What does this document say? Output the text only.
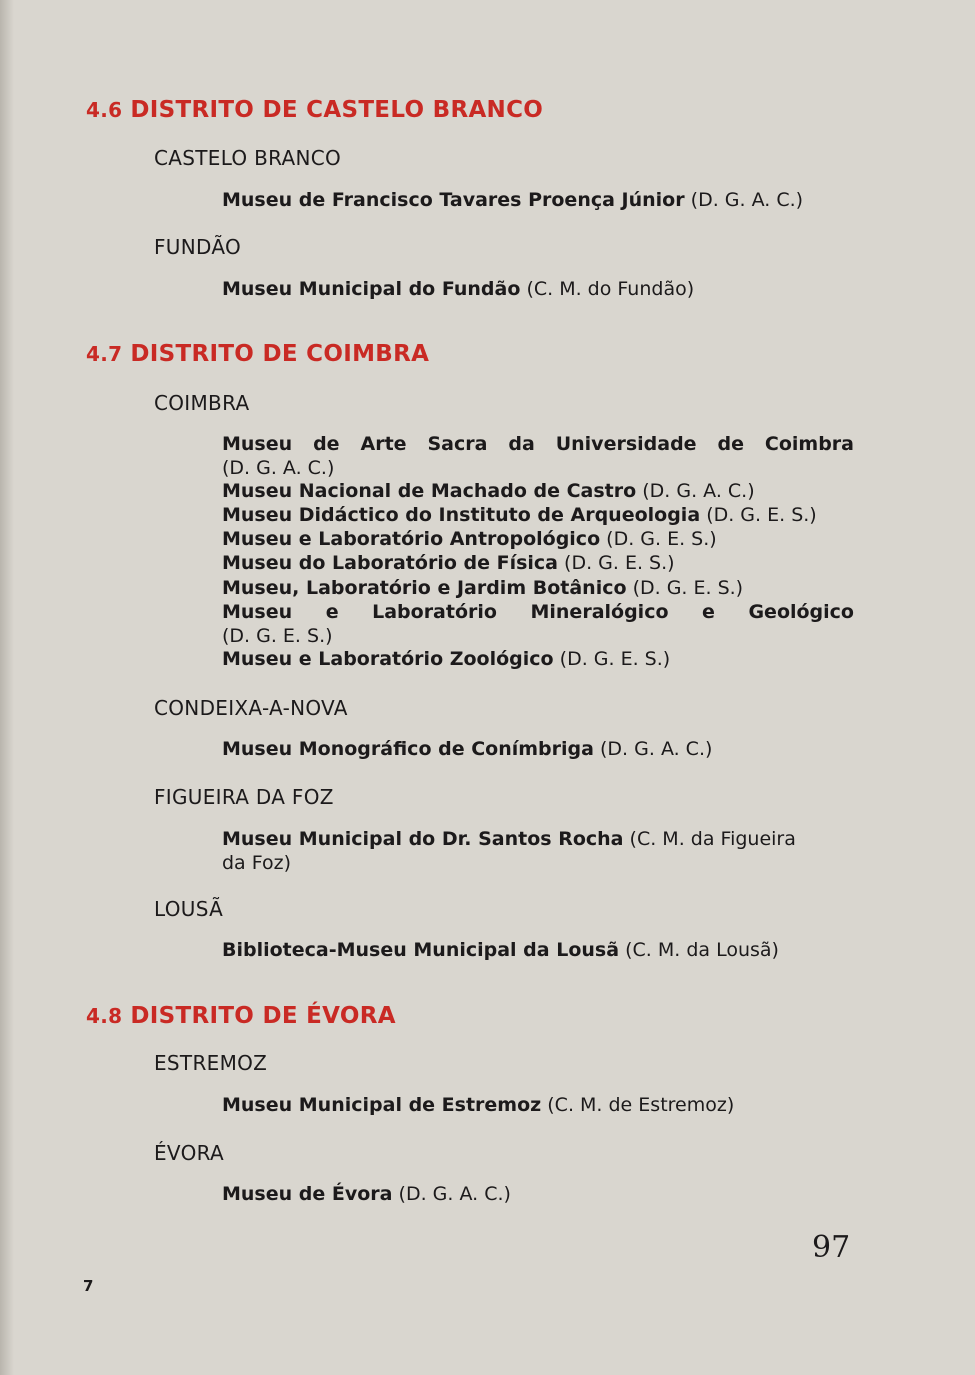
4.6 DISTRITO DE CASTELO BRANCO
CASTELO BRANCO
Museu de Francisco Tavares Proença Júnior (D. G. A. C.)
FUNDÃO
Museu Municipal do Fundão (C. M. do Fundão)
4.7 DISTRITO DE COIMBRA
COIMBRA
Museu de Arte Sacra da Universidade de Coimbra
(D. G. A. C.)
Museu Nacional de Machado de Castro (D. G. A. C.)
Museu Didáctico do Instituto de Arqueologia (D. G. E. S.)
Museu e Laboratório Antropológico (D. G. E. S.)
Museu do Laboratório de Física (D. G. E. S.)
Museu, Laboratório e Jardim Botânico (D. G. E. S.)
Museu e Laboratório Mineralógico e Geológico
(D. G. E. S.)
Museu e Laboratório Zoológico (D. G. E. S.)
CONDEIXA-A-NOVA
Museu Monográfico de Conímbriga (D. G. A. C.)
FIGUEIRA DA FOZ
Museu Municipal do Dr. Santos Rocha (C. M. da Figueira
da Foz)
LOUSÃ
Biblioteca-Museu Municipal da Lousã (C. M. da Lousã)
4.8 DISTRITO DE ÉVORA
ESTREMOZ
Museu Municipal de Estremoz (C. M. de Estremoz)
ÉVORA
Museu de Évora (D. G. A. C.)
97
7
